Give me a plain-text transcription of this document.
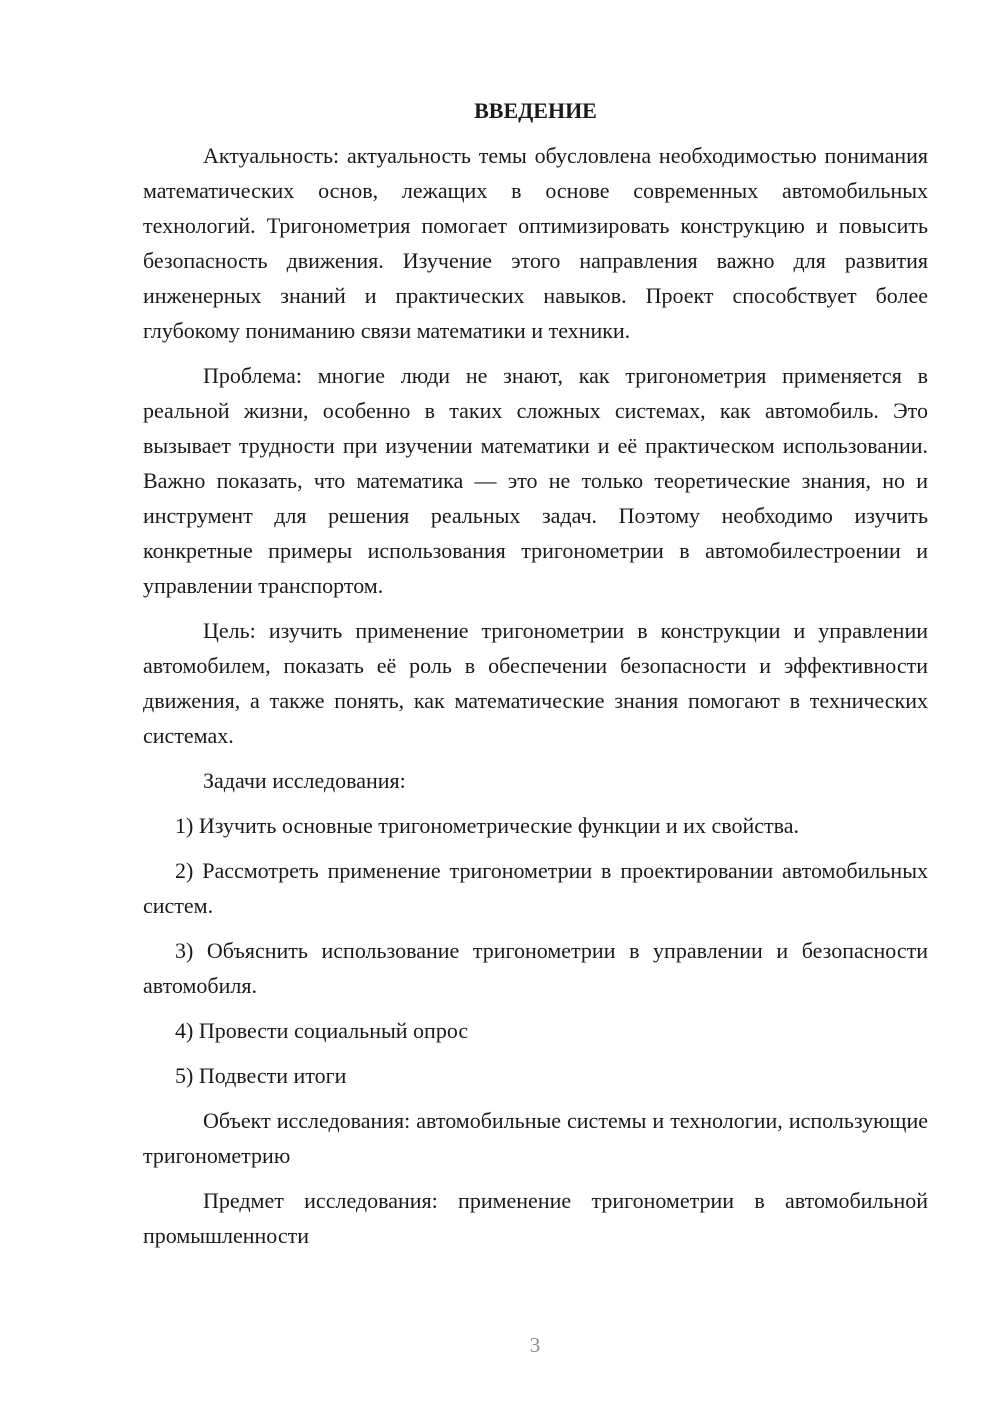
ВВЕДЕНИЕ

Актуальность: актуальность темы обусловлена необходимостью понимания математических основ, лежащих в основе современных автомобильных технологий. Тригонометрия помогает оптимизировать конструкцию и повысить безопасность движения. Изучение этого направления важно для развития инженерных знаний и практических навыков. Проект способствует более глубокому пониманию связи математики и техники.

Проблема: многие люди не знают, как тригонометрия применяется в реальной жизни, особенно в таких сложных системах, как автомобиль. Это вызывает трудности при изучении математики и её практическом использовании. Важно показать, что математика — это не только теоретические знания, но и инструмент для решения реальных задач. Поэтому необходимо изучить конкретные примеры использования тригонометрии в автомобилестроении и управлении транспортом.

Цель: изучить применение тригонометрии в конструкции и управлении автомобилем, показать её роль в обеспечении безопасности и эффективности движения, а также понять, как математические знания помогают в технических системах.

Задачи исследования:

1) Изучить основные тригонометрические функции и их свойства.

2) Рассмотреть применение тригонометрии в проектировании автомобильных систем.

3) Объяснить использование тригонометрии в управлении и безопасности автомобиля.

4) Провести социальный опрос

5) Подвести итоги

Объект исследования: автомобильные системы и технологии, использующие тригонометрию

Предмет исследования: применение тригонометрии в автомобильной промышленности

3
